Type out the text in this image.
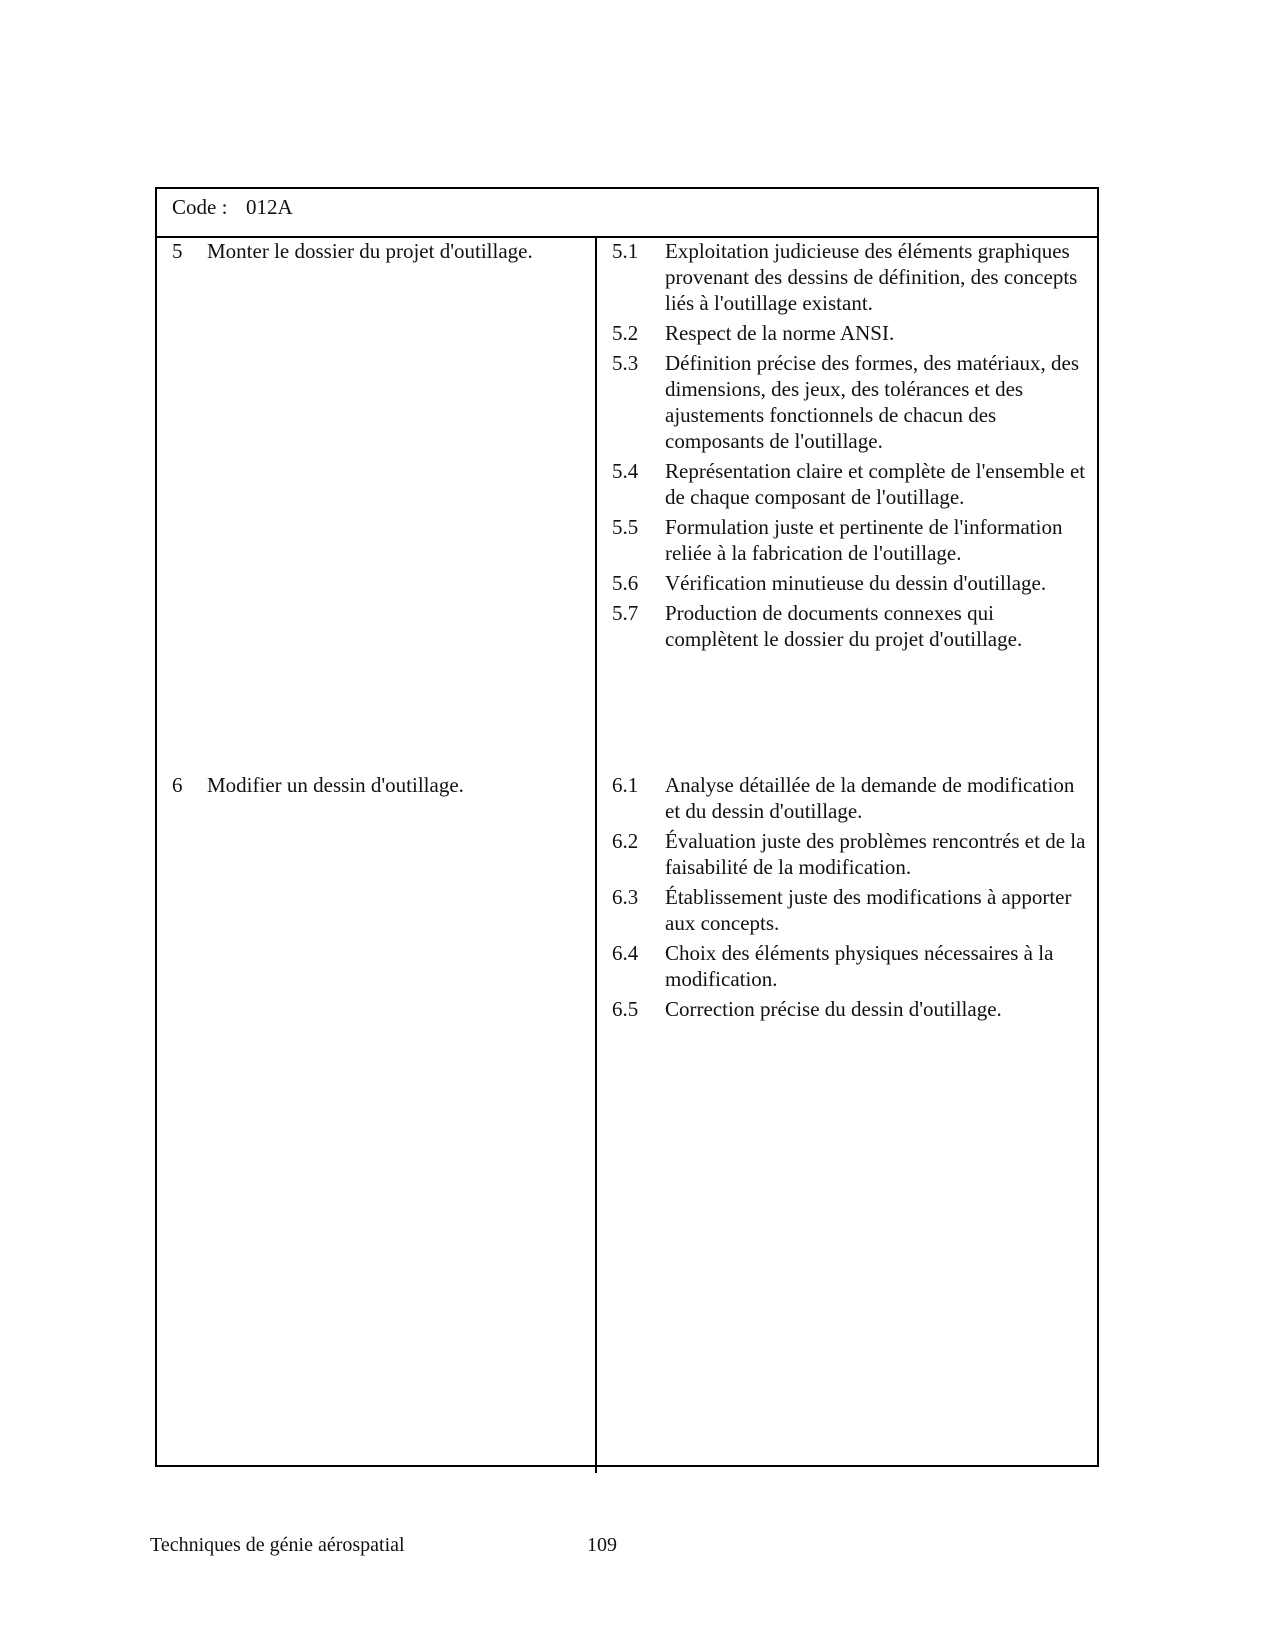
Code : 012A
5 Monter le dossier du projet d'outillage.	5.1 Exploitation judicieuse des éléments graphiques provenant des dessins de définition, des concepts liés à l'outillage existant.
5.2 Respect de la norme ANSI.
5.3 Définition précise des formes, des matériaux, des dimensions, des jeux, des tolérances et des ajustements fonctionnels de chacun des composants de l'outillage.
5.4 Représentation claire et complète de l'ensemble et de chaque composant de l'outillage.
5.5 Formulation juste et pertinente de l'information reliée à la fabrication de l'outillage.
5.6 Vérification minutieuse du dessin d'outillage.
5.7 Production de documents connexes qui complètent le dossier du projet d'outillage.
6 Modifier un dessin d'outillage.	6.1 Analyse détaillée de la demande de modification et du dessin d'outillage.
6.2 Évaluation juste des problèmes rencontrés et de la faisabilité de la modification.
6.3 Établissement juste des modifications à apporter aux concepts.
6.4 Choix des éléments physiques nécessaires à la modification.
6.5 Correction précise du dessin d'outillage.
Techniques de génie aérospatial	109
